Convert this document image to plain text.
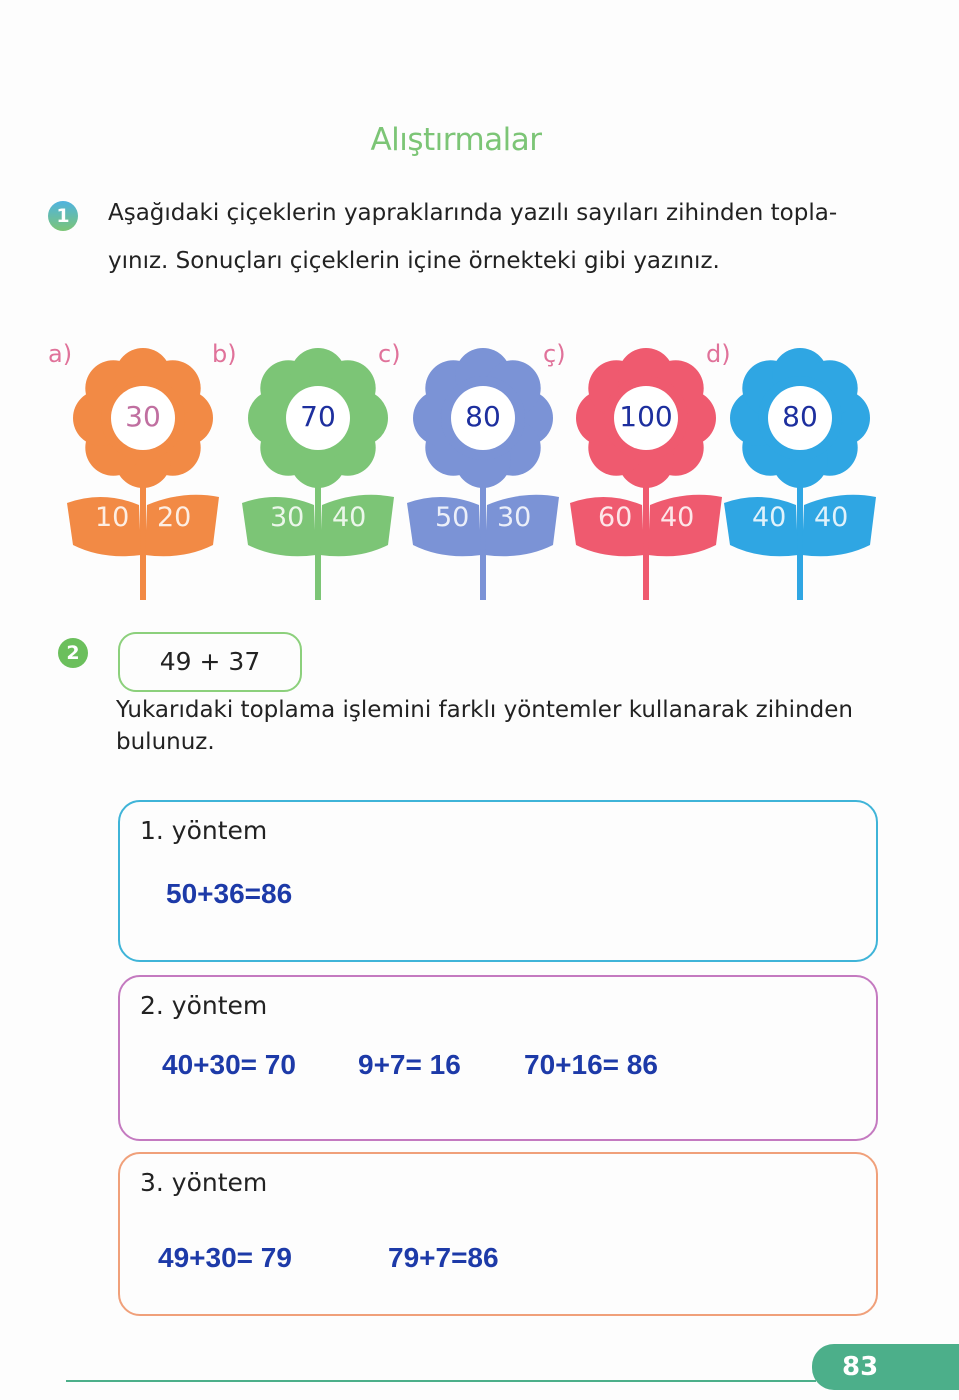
Alıştırmalar
1	Aşağıdaki çiçeklerin yapraklarında yazılı sayıları zihinden topla-
yınız. Sonuçları çiçeklerin içine örnekteki gibi yazınız.
a)
30
10 20
b)
70
30 40
c)
80
50 30
ç)
100
60 40
d)
80
40 40
2	49 + 37
Yukarıdaki toplama işlemini farklı yöntemler kullanarak zihinden
bulunuz.
1. yöntem
50+36=86
2. yöntem
40+30= 70 9+7= 16 70+16= 86
3. yöntem
49+30= 79	79+7=86
83
